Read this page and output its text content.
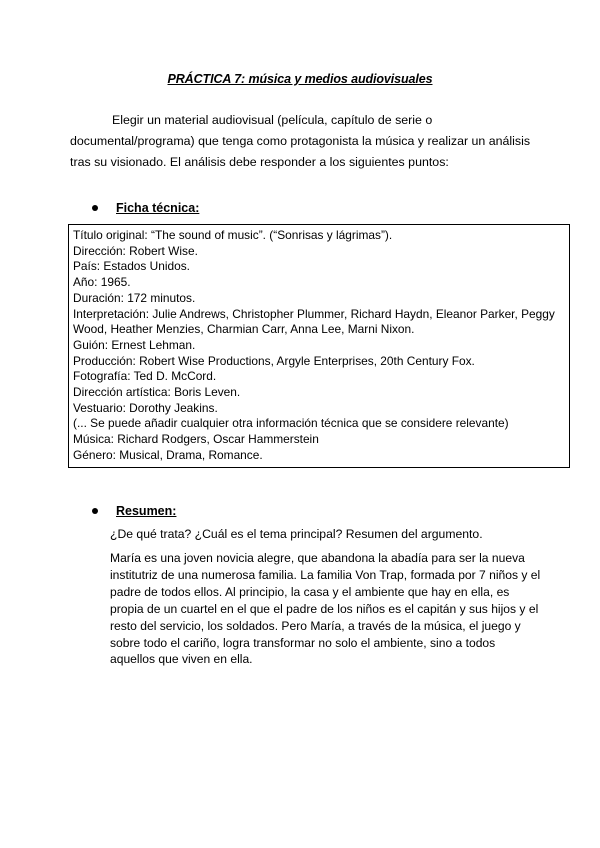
PRÁCTICA 7: música y medios audiovisuales

Elegir un material audiovisual (película, capítulo de serie o documental/programa) que tenga como protagonista la música y realizar un análisis tras su visionado. El análisis debe responder a los siguientes puntos:

Ficha técnica:

Título original: “The sound of music”. (“Sonrisas y lágrimas”).

Dirección: Robert Wise.

País: Estados Unidos.

Año: 1965.

Duración: 172 minutos.

Interpretación: Julie Andrews, Christopher Plummer, Richard Haydn, Eleanor Parker, Peggy Wood, Heather Menzies, Charmian Carr, Anna Lee, Marni Nixon.

Guión: Ernest Lehman.

Producción: Robert Wise Productions, Argyle Enterprises, 20th Century Fox.

Fotografía: Ted D. McCord.

Dirección artística: Boris Leven.

Vestuario: Dorothy Jeakins.

(... Se puede añadir cualquier otra información técnica que se considere relevante)

Música: Richard Rodgers, Oscar Hammerstein

Género: Musical, Drama, Romance.

Resumen:

¿De qué trata? ¿Cuál es el tema principal? Resumen del argumento.

María es una joven novicia alegre, que abandona la abadía para ser la nueva institutriz de una numerosa familia. La familia Von Trap, formada por 7 niños y el padre de todos ellos. Al principio, la casa y el ambiente que hay en ella, es propia de un cuartel en el que el padre de los niños es el capitán y sus hijos y el resto del servicio, los soldados. Pero María, a través de la música, el juego y sobre todo el cariño, logra transformar no solo el ambiente, sino a todos aquellos que viven en ella.
